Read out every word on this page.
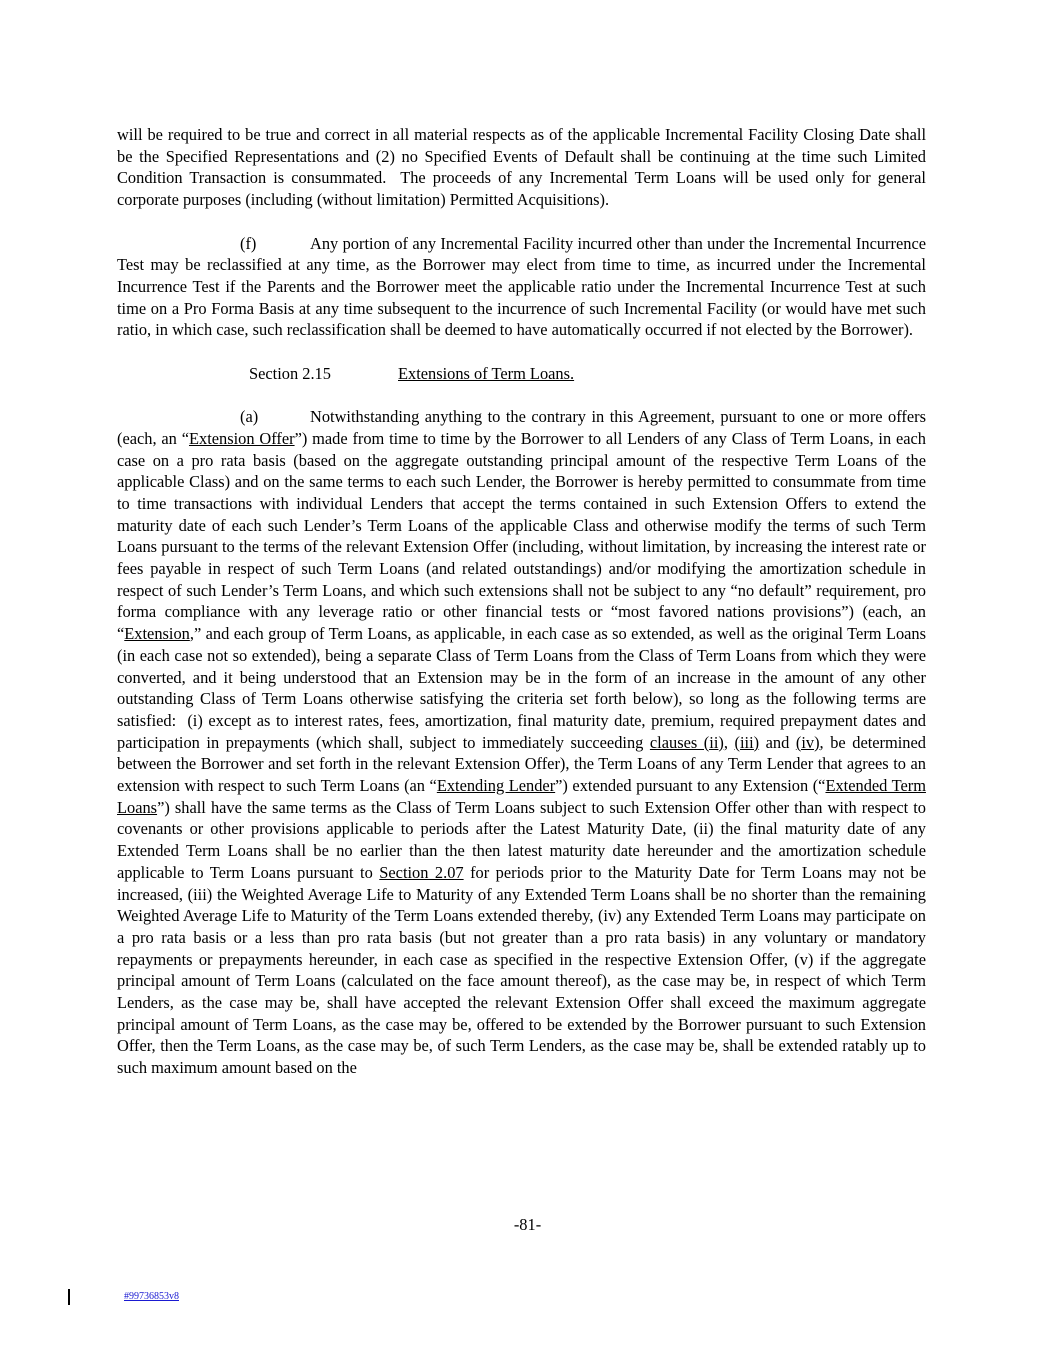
will be required to be true and correct in all material respects as of the applicable Incremental Facility Closing Date shall be the Specified Representations and (2) no Specified Events of Default shall be continuing at the time such Limited Condition Transaction is consummated.  The proceeds of any Incremental Term Loans will be used only for general corporate purposes (including (without limitation) Permitted Acquisitions).

(f)	Any portion of any Incremental Facility incurred other than under the Incremental Incurrence Test may be reclassified at any time, as the Borrower may elect from time to time, as incurred under the Incremental Incurrence Test if the Parents and the Borrower meet the applicable ratio under the Incremental Incurrence Test at such time on a Pro Forma Basis at any time subsequent to the incurrence of such Incremental Facility (or would have met such ratio, in which case, such reclassification shall be deemed to have automatically occurred if not elected by the Borrower).

Section 2.15	Extensions of Term Loans.

(a)	Notwithstanding anything to the contrary in this Agreement, pursuant to one or more offers (each, an “Extension Offer”) made from time to time by the Borrower to all Lenders of any Class of Term Loans, in each case on a pro rata basis (based on the aggregate outstanding principal amount of the respective Term Loans of the applicable Class) and on the same terms to each such Lender, the Borrower is hereby permitted to consummate from time to time transactions with individual Lenders that accept the terms contained in such Extension Offers to extend the maturity date of each such Lender’s Term Loans of the applicable Class and otherwise modify the terms of such Term Loans pursuant to the terms of the relevant Extension Offer (including, without limitation, by increasing the interest rate or fees payable in respect of such Term Loans (and related outstandings) and/or modifying the amortization schedule in respect of such Lender’s Term Loans, and which such extensions shall not be subject to any “no default” requirement, pro forma compliance with any leverage ratio or other financial tests or “most favored nations provisions”) (each, an “Extension,” and each group of Term Loans, as applicable, in each case as so extended, as well as the original Term Loans (in each case not so extended), being a separate Class of Term Loans from the Class of Term Loans from which they were converted, and it being understood that an Extension may be in the form of an increase in the amount of any other outstanding Class of Term Loans otherwise satisfying the criteria set forth below), so long as the following terms are satisfied:  (i) except as to interest rates, fees, amortization, final maturity date, premium, required prepayment dates and participation in prepayments (which shall, subject to immediately succeeding clauses (ii), (iii) and (iv), be determined between the Borrower and set forth in the relevant Extension Offer), the Term Loans of any Term Lender that agrees to an extension with respect to such Term Loans (an “Extending Lender”) extended pursuant to any Extension (“Extended Term Loans”) shall have the same terms as the Class of Term Loans subject to such Extension Offer other than with respect to covenants or other provisions applicable to periods after the Latest Maturity Date, (ii) the final maturity date of any Extended Term Loans shall be no earlier than the then latest maturity date hereunder and the amortization schedule applicable to Term Loans pursuant to Section 2.07 for periods prior to the Maturity Date for Term Loans may not be increased, (iii) the Weighted Average Life to Maturity of any Extended Term Loans shall be no shorter than the remaining Weighted Average Life to Maturity of the Term Loans extended thereby, (iv) any Extended Term Loans may participate on a pro rata basis or a less than pro rata basis (but not greater than a pro rata basis) in any voluntary or mandatory repayments or prepayments hereunder, in each case as specified in the respective Extension Offer, (v) if the aggregate principal amount of Term Loans (calculated on the face amount thereof), as the case may be, in respect of which Term Lenders, as the case may be, shall have accepted the relevant Extension Offer shall exceed the maximum aggregate principal amount of Term Loans, as the case may be, offered to be extended by the Borrower pursuant to such Extension Offer, then the Term Loans, as the case may be, of such Term Lenders, as the case may be, shall be extended ratably up to such maximum amount based on the

-81-
#99736853v8
